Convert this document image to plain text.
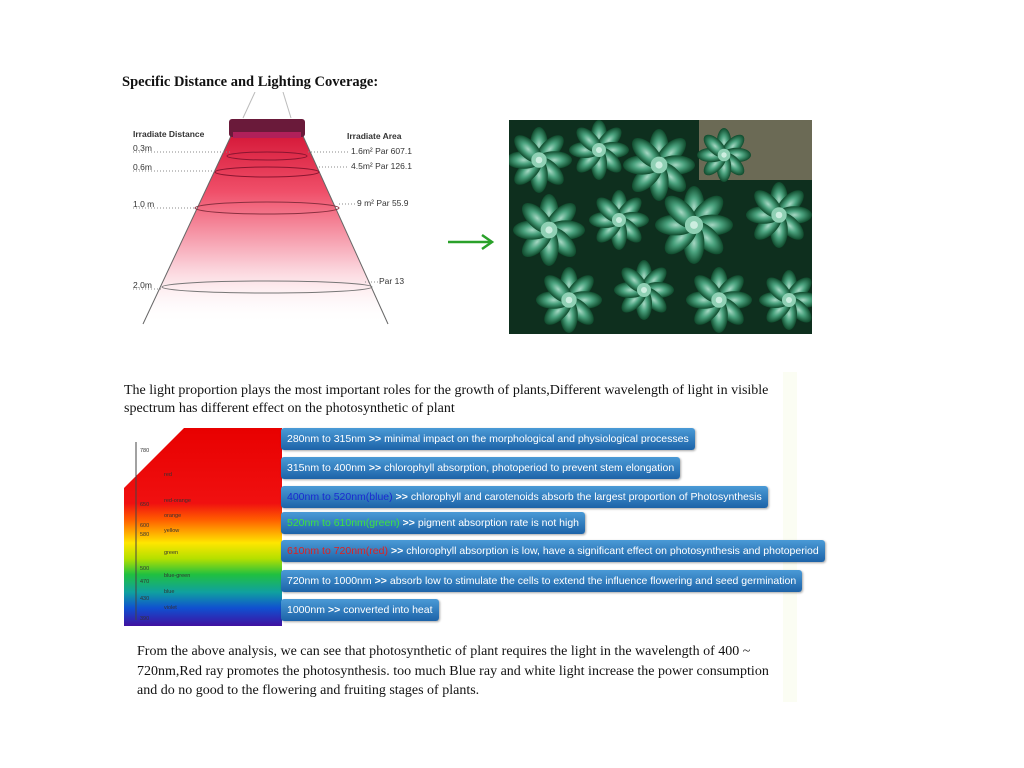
Specific Distance and Lighting Coverage:
Irradiate Distance	Irradiate Area
0.3m
0.6m
1.0 m
2.0m
1.6m² Par 607.1
4.5m² Par 126.1
9 m² Par 55.9
Par 13
The light proportion plays the most important roles for the growth of plants,Different wavelength of light in visible spectrum has different effect on the photosynthetic of plant
780
650
600
580
500
470
430
390
red
red-orange
orange
yellow
green
blue-green
blue
violet
280nm to 315nm >> minimal impact on the morphological and physiological processes
315nm to 400nm >> chlorophyll absorption, photoperiod to prevent stem elongation
400nm to 520nm(blue) >> chlorophyll and carotenoids absorb the largest proportion of Photosynthesis
520nm to 610nm(green) >> pigment absorption rate is not high
610nm to 720nm(red) >> chlorophyll absorption is low, have a significant effect on photosynthesis and photoperiod
720nm to 1000nm >> absorb low to stimulate the cells to extend the influence flowering and seed germination
1000nm >> converted into heat
From the above analysis, we can see that photosynthetic of plant requires the light in the wavelength of 400 ~ 720nm,Red ray promotes the photosynthesis. too much Blue ray and white light increase the power consumption and do no good to the flowering and fruiting stages of plants.
